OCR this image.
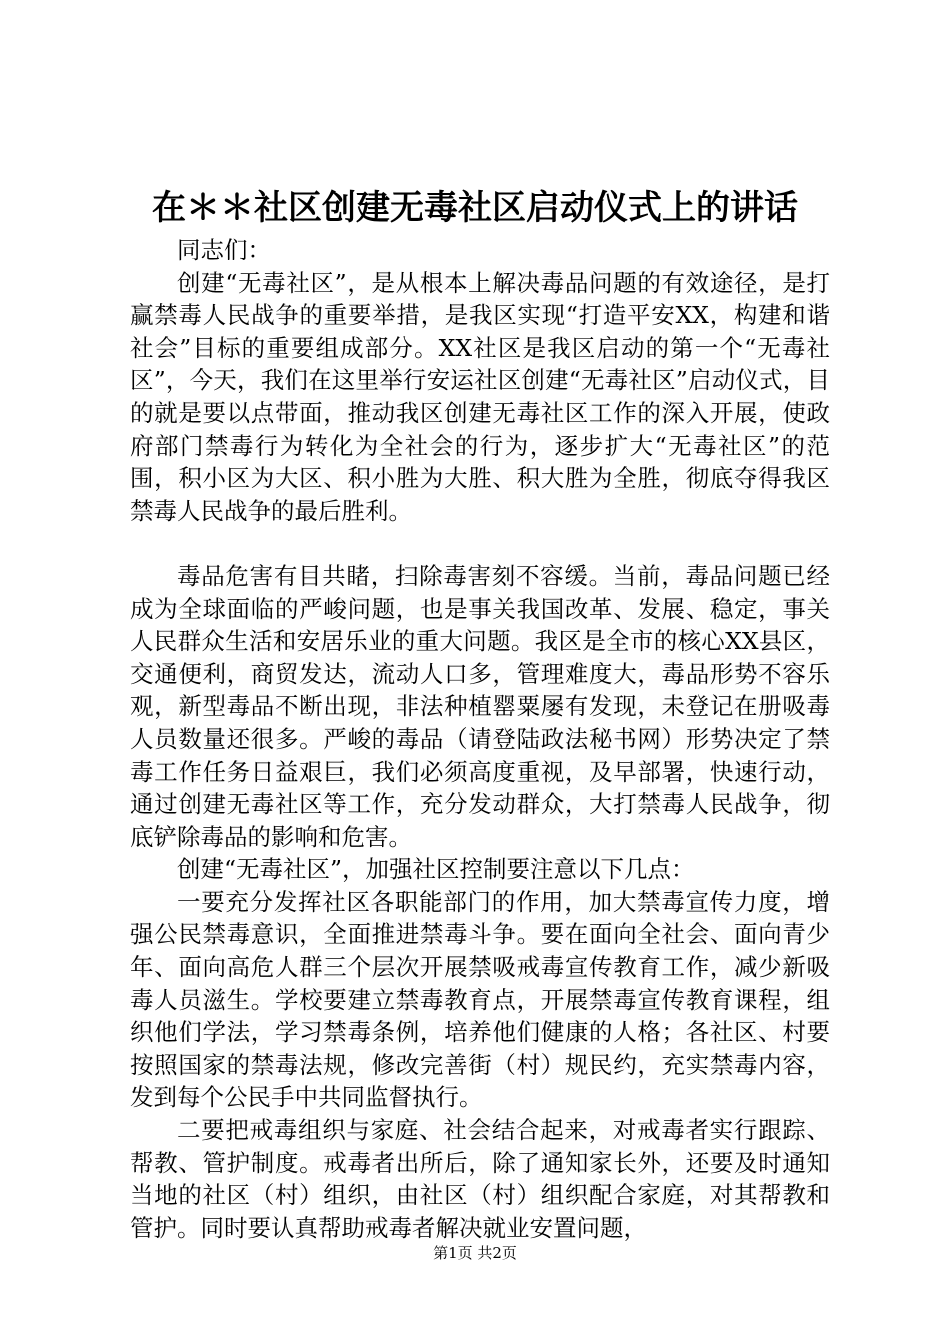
在＊＊社区创建无毒社区启动仪式上的讲话

同志们：

创建“无毒社区”，是从根本上解决毒品问题的有效途径，是打赢禁毒人民战争的重要举措，是我区实现“打造平安XX，构建和谐社会”目标的重要组成部分。XX社区是我区启动的第一个“无毒社区”，今天，我们在这里举行安运社区创建“无毒社区”启动仪式，目的就是要以点带面，推动我区创建无毒社区工作的深入开展，使政府部门禁毒行为转化为全社会的行为，逐步扩大“无毒社区”的范围，积小区为大区、积小胜为大胜、积大胜为全胜，彻底夺得我区禁毒人民战争的最后胜利。

毒品危害有目共睹，扫除毒害刻不容缓。当前，毒品问题已经成为全球面临的严峻问题，也是事关我国改革、发展、稳定，事关人民群众生活和安居乐业的重大问题。我区是全市的核心XX县区，交通便利，商贸发达，流动人口多，管理难度大，毒品形势不容乐观，新型毒品不断出现，非法种植罂粟屡有发现，未登记在册吸毒人员数量还很多。严峻的毒品（请登陆政法秘书网）形势决定了禁毒工作任务日益艰巨，我们必须高度重视，及早部署，快速行动，通过创建无毒社区等工作，充分发动群众，大打禁毒人民战争，彻底铲除毒品的影响和危害。

创建“无毒社区”，加强社区控制要注意以下几点：

一要充分发挥社区各职能部门的作用，加大禁毒宣传力度，增强公民禁毒意识，全面推进禁毒斗争。要在面向全社会、面向青少年、面向高危人群三个层次开展禁吸戒毒宣传教育工作，减少新吸毒人员滋生。学校要建立禁毒教育点，开展禁毒宣传教育课程，组织他们学法，学习禁毒条例，培养他们健康的人格；各社区、村要按照国家的禁毒法规，修改完善街（村）规民约，充实禁毒内容，发到每个公民手中共同监督执行。

二要把戒毒组织与家庭、社会结合起来，对戒毒者实行跟踪、帮教、管护制度。戒毒者出所后，除了通知家长外，还要及时通知当地的社区（村）组织，由社区（村）组织配合家庭，对其帮教和管护。同时要认真帮助戒毒者解决就业安置问题，

第1页 共2页
